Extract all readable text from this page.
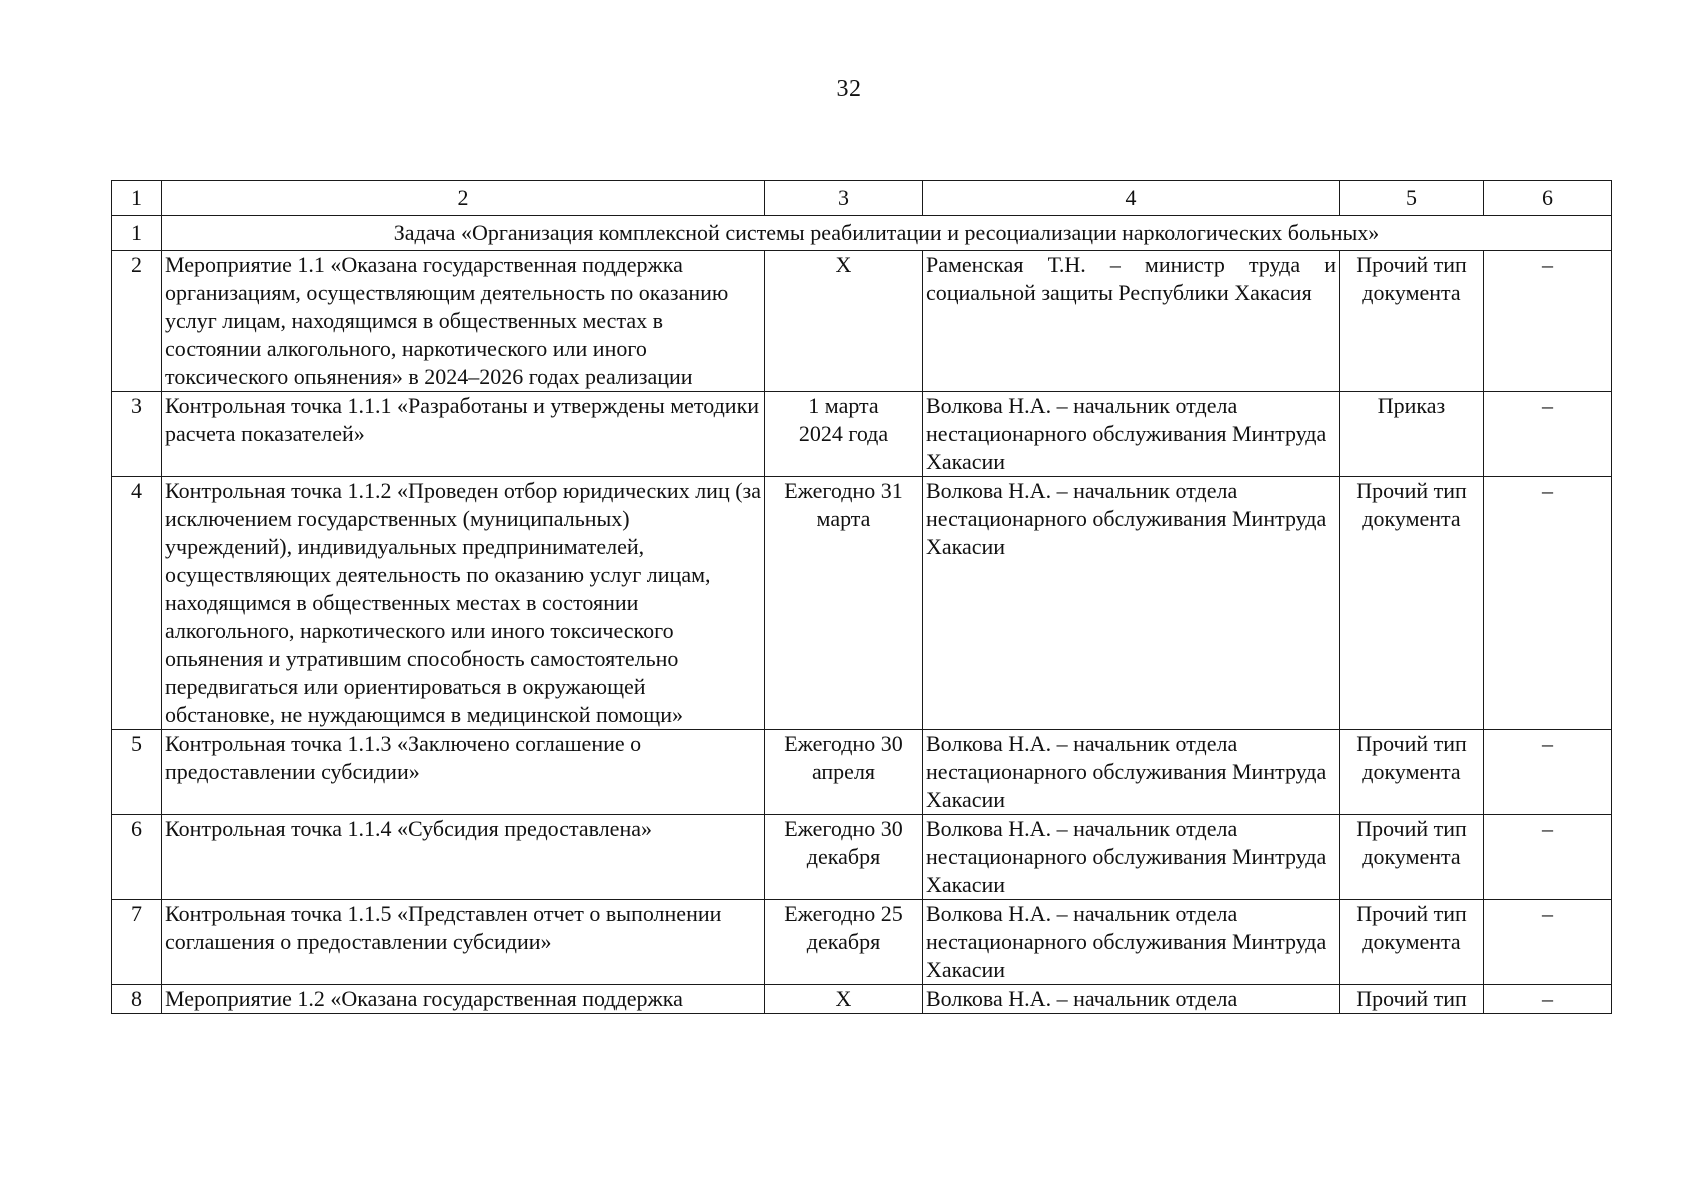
32
1	2	3	4	5	6
1	Задача «Организация комплексной системы реабилитации и ресоциализации наркологических больных»				
2	Мероприятие 1.1 «Оказана государственная поддержка организациям, осуществляющим деятельность по оказанию услуг лицам, находящимся в общественных местах в состоянии алкогольного, наркотического или иного токсического опьянения» в 2024–2026 годах реализации	Х	Раменская Т.Н. – министр труда и социальной защиты Республики Хакасия	Прочий тип документа	–
3	Контрольная точка 1.1.1 «Разработаны и утверждены методики расчета показателей»	1 марта 2024 года	Волкова Н.А. – начальник отдела нестационарного обслуживания Минтруда Хакасии	Приказ	–
4	Контрольная точка 1.1.2 «Проведен отбор юридических лиц (за исключением государственных (муниципальных) учреждений), индивидуальных предпринимателей, осуществляющих деятельность по оказанию услуг лицам, находящимся в общественных местах в состоянии алкогольного, наркотического или иного токсического опьянения и утратившим способность самостоятельно передвигаться или ориентироваться в окружающей обстановке, не нуждающимся в медицинской помощи»	Ежегодно 31 марта	Волкова Н.А. – начальник отдела нестационарного обслуживания Минтруда Хакасии	Прочий тип документа	–
5	Контрольная точка 1.1.3 «Заключено соглашение о предоставлении субсидии»	Ежегодно 30 апреля	Волкова Н.А. – начальник отдела нестационарного обслуживания Минтруда Хакасии	Прочий тип документа	–
6	Контрольная точка 1.1.4 «Субсидия предоставлена»	Ежегодно 30 декабря	Волкова Н.А. – начальник отдела нестационарного обслуживания Минтруда Хакасии	Прочий тип документа	–
7	Контрольная точка 1.1.5 «Представлен отчет о выполнении соглашения о предоставлении субсидии»	Ежегодно 25 декабря	Волкова Н.А. – начальник отдела нестационарного обслуживания Минтруда Хакасии	Прочий тип документа	–
8	Мероприятие 1.2 «Оказана государственная поддержка	Х	Волкова Н.А. – начальник отдела	Прочий тип	–
